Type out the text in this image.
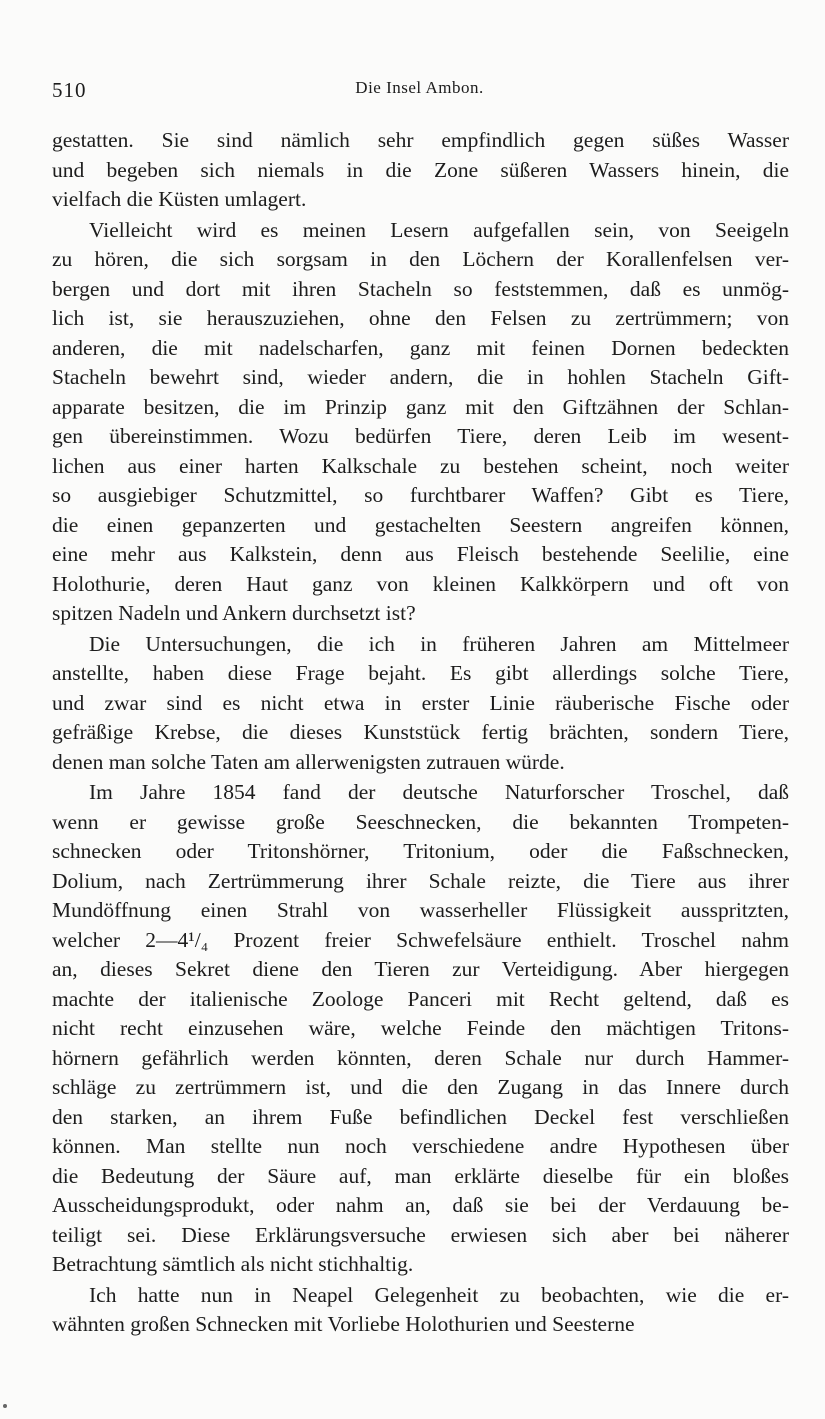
510	Die Insel Ambon.
gestatten. Sie sind nämlich sehr empfindlich gegen süßes Wasser
und begeben sich niemals in die Zone süßeren Wassers hinein, die
vielfach die Küsten umlagert.
Vielleicht wird es meinen Lesern aufgefallen sein, von Seeigeln
zu hören, die sich sorgsam in den Löchern der Korallenfelsen ver-
bergen und dort mit ihren Stacheln so feststemmen, daß es unmög-
lich ist, sie herauszuziehen, ohne den Felsen zu zertrümmern; von
anderen, die mit nadelscharfen, ganz mit feinen Dornen bedeckten
Stacheln bewehrt sind, wieder andern, die in hohlen Stacheln Gift-
apparate besitzen, die im Prinzip ganz mit den Giftzähnen der Schlan-
gen übereinstimmen. Wozu bedürfen Tiere, deren Leib im wesent-
lichen aus einer harten Kalkschale zu bestehen scheint, noch weiter
so ausgiebiger Schutzmittel, so furchtbarer Waffen? Gibt es Tiere,
die einen gepanzerten und gestachelten Seestern angreifen können,
eine mehr aus Kalkstein, denn aus Fleisch bestehende Seelilie, eine
Holothurie, deren Haut ganz von kleinen Kalkkörpern und oft von
spitzen Nadeln und Ankern durchsetzt ist?
Die Untersuchungen, die ich in früheren Jahren am Mittelmeer
anstellte, haben diese Frage bejaht. Es gibt allerdings solche Tiere,
und zwar sind es nicht etwa in erster Linie räuberische Fische oder
gefräßige Krebse, die dieses Kunststück fertig brächten, sondern Tiere,
denen man solche Taten am allerwenigsten zutrauen würde.
Im Jahre 1854 fand der deutsche Naturforscher Troschel, daß
wenn er gewisse große Seeschnecken, die bekannten Trompeten-
schnecken oder Tritonshörner, Tritonium, oder die Faßschnecken,
Dolium, nach Zertrümmerung ihrer Schale reizte, die Tiere aus ihrer
Mundöffnung einen Strahl von wasserheller Flüssigkeit ausspritzten,
welcher 2—4¹/₄ Prozent freier Schwefelsäure enthielt. Troschel nahm
an, dieses Sekret diene den Tieren zur Verteidigung. Aber hiergegen
machte der italienische Zoologe Panceri mit Recht geltend, daß es
nicht recht einzusehen wäre, welche Feinde den mächtigen Tritons-
hörnern gefährlich werden könnten, deren Schale nur durch Hammer-
schläge zu zertrümmern ist, und die den Zugang in das Innere durch
den starken, an ihrem Fuße befindlichen Deckel fest verschließen
können. Man stellte nun noch verschiedene andre Hypothesen über
die Bedeutung der Säure auf, man erklärte dieselbe für ein bloßes
Ausscheidungsprodukt, oder nahm an, daß sie bei der Verdauung be-
teiligt sei. Diese Erklärungsversuche erwiesen sich aber bei näherer
Betrachtung sämtlich als nicht stichhaltig.
Ich hatte nun in Neapel Gelegenheit zu beobachten, wie die er-
wähnten großen Schnecken mit Vorliebe Holothurien und Seesterne
